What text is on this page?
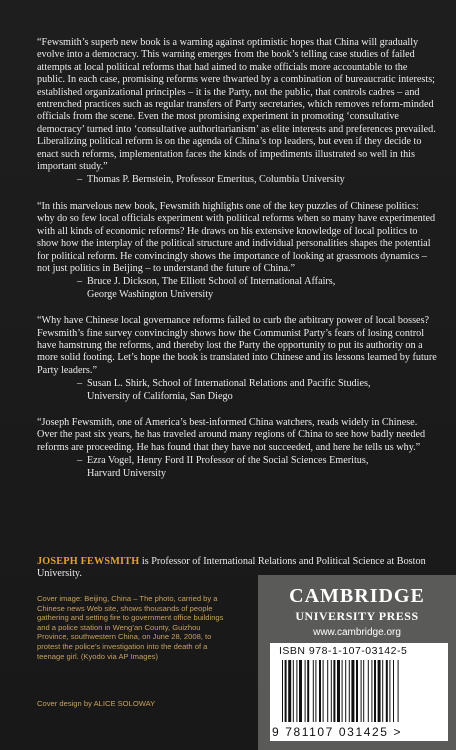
“Fewsmith’s superb new book is a warning against optimistic hopes that China will gradually evolve into a democracy. This warning emerges from the book’s telling case studies of failed attempts at local political reforms that had aimed to make officials more accountable to the public. In each case, promising reforms were thwarted by a combination of bureaucratic interests; established organizational principles – it is the Party, not the public, that controls cadres – and entrenched practices such as regular transfers of Party secretaries, which removes reform-minded officials from the scene. Even the most promising experiment in promoting ‘consultative democracy’ turned into ‘consultative authoritarianism’ as elite interests and preferences prevailed. Liberalizing political reform is on the agenda of China’s top leaders, but even if they decide to enact such reforms, implementation faces the kinds of impediments illustrated so well in this important study.”

– Thomas P. Bernstein, Professor Emeritus, Columbia University

“In this marvelous new book, Fewsmith highlights one of the key puzzles of Chinese politics: why do so few local officials experiment with political reforms when so many have experimented with all kinds of economic reforms? He draws on his extensive knowledge of local politics to show how the interplay of the political structure and individual personalities shapes the potential for political reform. He convincingly shows the importance of looking at grassroots dynamics – not just politics in Beijing – to understand the future of China.”

– Bruce J. Dickson, The Elliott School of International Affairs,
George Washington University

“Why have Chinese local governance reforms failed to curb the arbitrary power of local bosses? Fewsmith’s fine survey convincingly shows how the Communist Party’s fears of losing control have hamstrung the reforms, and thereby lost the Party the opportunity to put its authority on a more solid footing. Let’s hope the book is translated into Chinese and its lessons learned by future Party leaders.”

– Susan L. Shirk, School of International Relations and Pacific Studies,
University of California, San Diego

“Joseph Fewsmith, one of America’s best-informed China watchers, reads widely in Chinese. Over the past six years, he has traveled around many regions of China to see how badly needed reforms are proceeding. He has found that they have not succeeded, and here he tells us why.”

– Ezra Vogel, Henry Ford II Professor of the Social Sciences Emeritus,
Harvard University

JOSEPH FEWSMITH is Professor of International Relations and Political Science at Boston University.
Cover image: Beijing, China – The photo, carried by a Chinese news Web site, shows thousands of people gathering and setting fire to government office buildings and a police station in Weng’an County, Guizhou Province, southwestern China, on June 28, 2008, to protest the police’s investigation into the death of a teenage girl. (Kyodo via AP Images)
Cover design by ALICE SOLOWAY
CAMBRIDGE
UNIVERSITY PRESS
www.cambridge.org
ISBN 978-1-107-03142-5
9 781107 031425 >
